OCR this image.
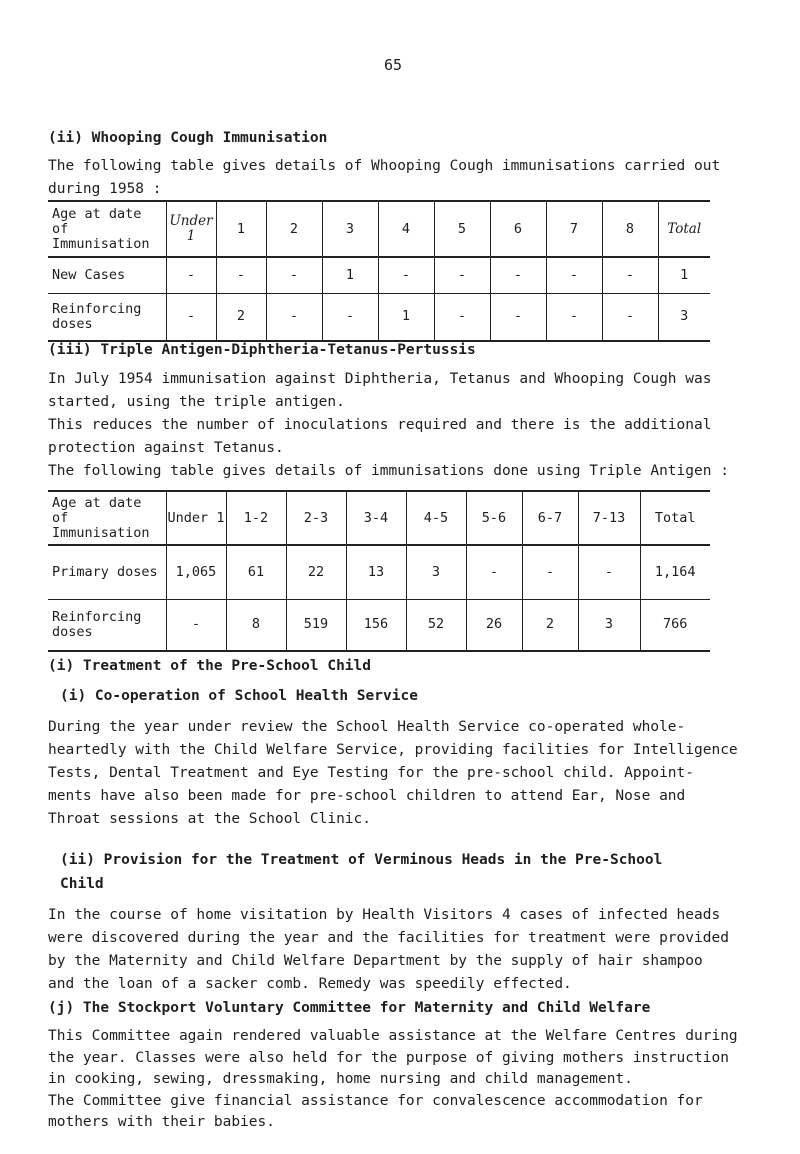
65
(ii) Whooping Cough Immunisation

The following table gives details of Whooping Cough immunisations carried out

during 1958 :

Age at date of Immunisation	Under 1	1	2	3	4	5	6	7	8	Total
New Cases	-	-	-	1	-	-	-	-	-	1
Reinforcing doses	-	2	-	-	1	-	-	-	-	3
(iii) Triple Antigen-Diphtheria-Tetanus-Pertussis

In July 1954 immunisation against Diphtheria, Tetanus and Whooping Cough was

started, using the triple antigen.

This reduces the number of inoculations required and there is the additional

protection against Tetanus.

The following table gives details of immunisations done using Triple Antigen :

Age at date of Immunisation	Under 1	1-2	2-3	3-4	4-5	5-6	6-7	7-13	Total
Primary doses	1,065	61	22	13	3	-	-	-	1,164
Reinforcing doses	-	8	519	156	52	26	2	3	766
(i) Treatment of the Pre-School Child
(i) Co-operation of School Health Service

During the year under review the School Health Service co-operated whole-

heartedly with the Child Welfare Service, providing facilities for Intelligence

Tests, Dental Treatment and Eye Testing for the pre-school child. Appoint-

ments have also been made for pre-school children to attend Ear, Nose and

Throat sessions at the School Clinic.

(ii) Provision for the Treatment of Verminous Heads in the Pre-School
Child

In the course of home visitation by Health Visitors 4 cases of infected heads

were discovered during the year and the facilities for treatment were provided

by the Maternity and Child Welfare Department by the supply of hair shampoo

and the loan of a sacker comb. Remedy was speedily effected.

(j) The Stockport Voluntary Committee for Maternity and Child Welfare

This Committee again rendered valuable assistance at the Welfare Centres during

the year. Classes were also held for the purpose of giving mothers instruction

in cooking, sewing, dressmaking, home nursing and child management.

The Committee give financial assistance for convalescence accommodation for

mothers with their babies.
